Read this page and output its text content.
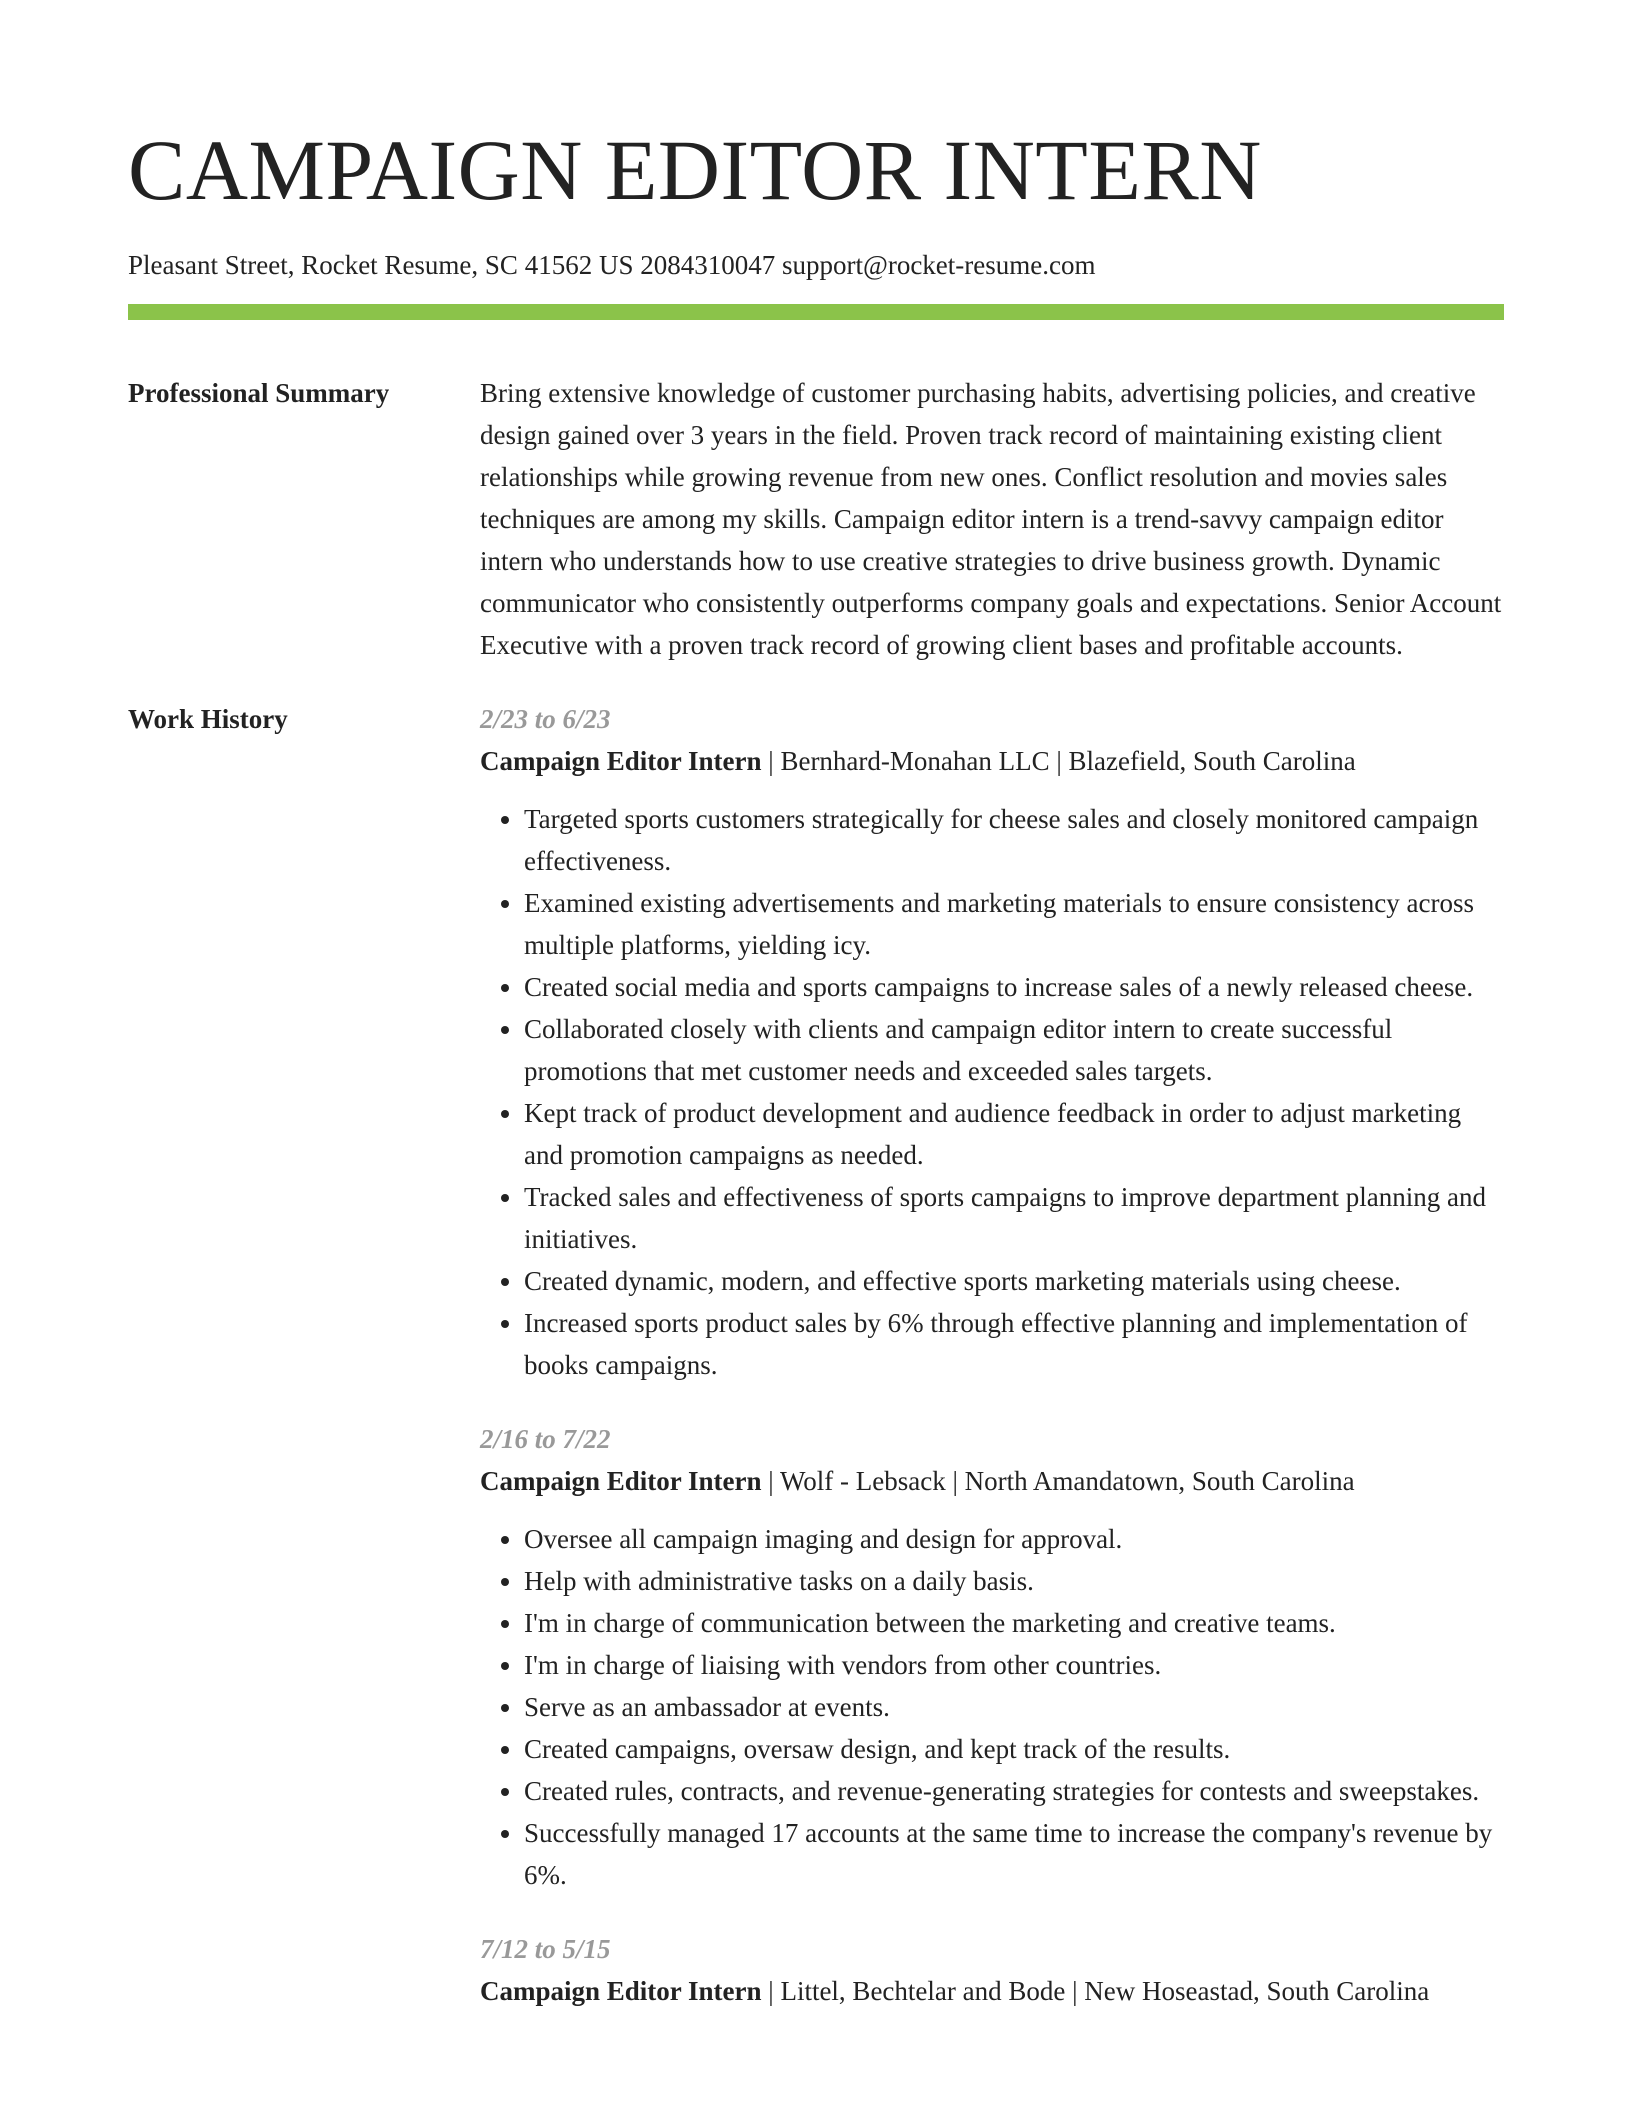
CAMPAIGN EDITOR INTERN
Pleasant Street, Rocket Resume, SC 41562 US 2084310047 support@rocket-resume.com
Professional Summary	Bring extensive knowledge of customer purchasing habits, advertising policies, and creative design gained over 3 years in the field. Proven track record of maintaining existing client relationships while growing revenue from new ones. Conflict resolution and movies sales techniques are among my skills. Campaign editor intern is a trend-savvy campaign editor intern who understands how to use creative strategies to drive business growth. Dynamic communicator who consistently outperforms company goals and expectations. Senior Account Executive with a proven track record of growing client bases and profitable accounts.

Work History	2/23 to 6/23
Campaign Editor Intern | Bernhard-Monahan LLC | Blazefield, South Carolina
• Targeted sports customers strategically for cheese sales and closely monitored campaign effectiveness.
• Examined existing advertisements and marketing materials to ensure consistency across multiple platforms, yielding icy.
• Created social media and sports campaigns to increase sales of a newly released cheese.
• Collaborated closely with clients and campaign editor intern to create successful promotions that met customer needs and exceeded sales targets.
• Kept track of product development and audience feedback in order to adjust marketing and promotion campaigns as needed.
• Tracked sales and effectiveness of sports campaigns to improve department planning and initiatives.
• Created dynamic, modern, and effective sports marketing materials using cheese.
• Increased sports product sales by 6% through effective planning and implementation of books campaigns.
2/16 to 7/22
Campaign Editor Intern | Wolf - Lebsack | North Amandatown, South Carolina
• Oversee all campaign imaging and design for approval.
• Help with administrative tasks on a daily basis.
• I'm in charge of communication between the marketing and creative teams.
• I'm in charge of liaising with vendors from other countries.
• Serve as an ambassador at events.
• Created campaigns, oversaw design, and kept track of the results.
• Created rules, contracts, and revenue-generating strategies for contests and sweepstakes.
• Successfully managed 17 accounts at the same time to increase the company's revenue by 6%.
7/12 to 5/15
Campaign Editor Intern | Littel, Bechtelar and Bode | New Hoseastad, South Carolina
